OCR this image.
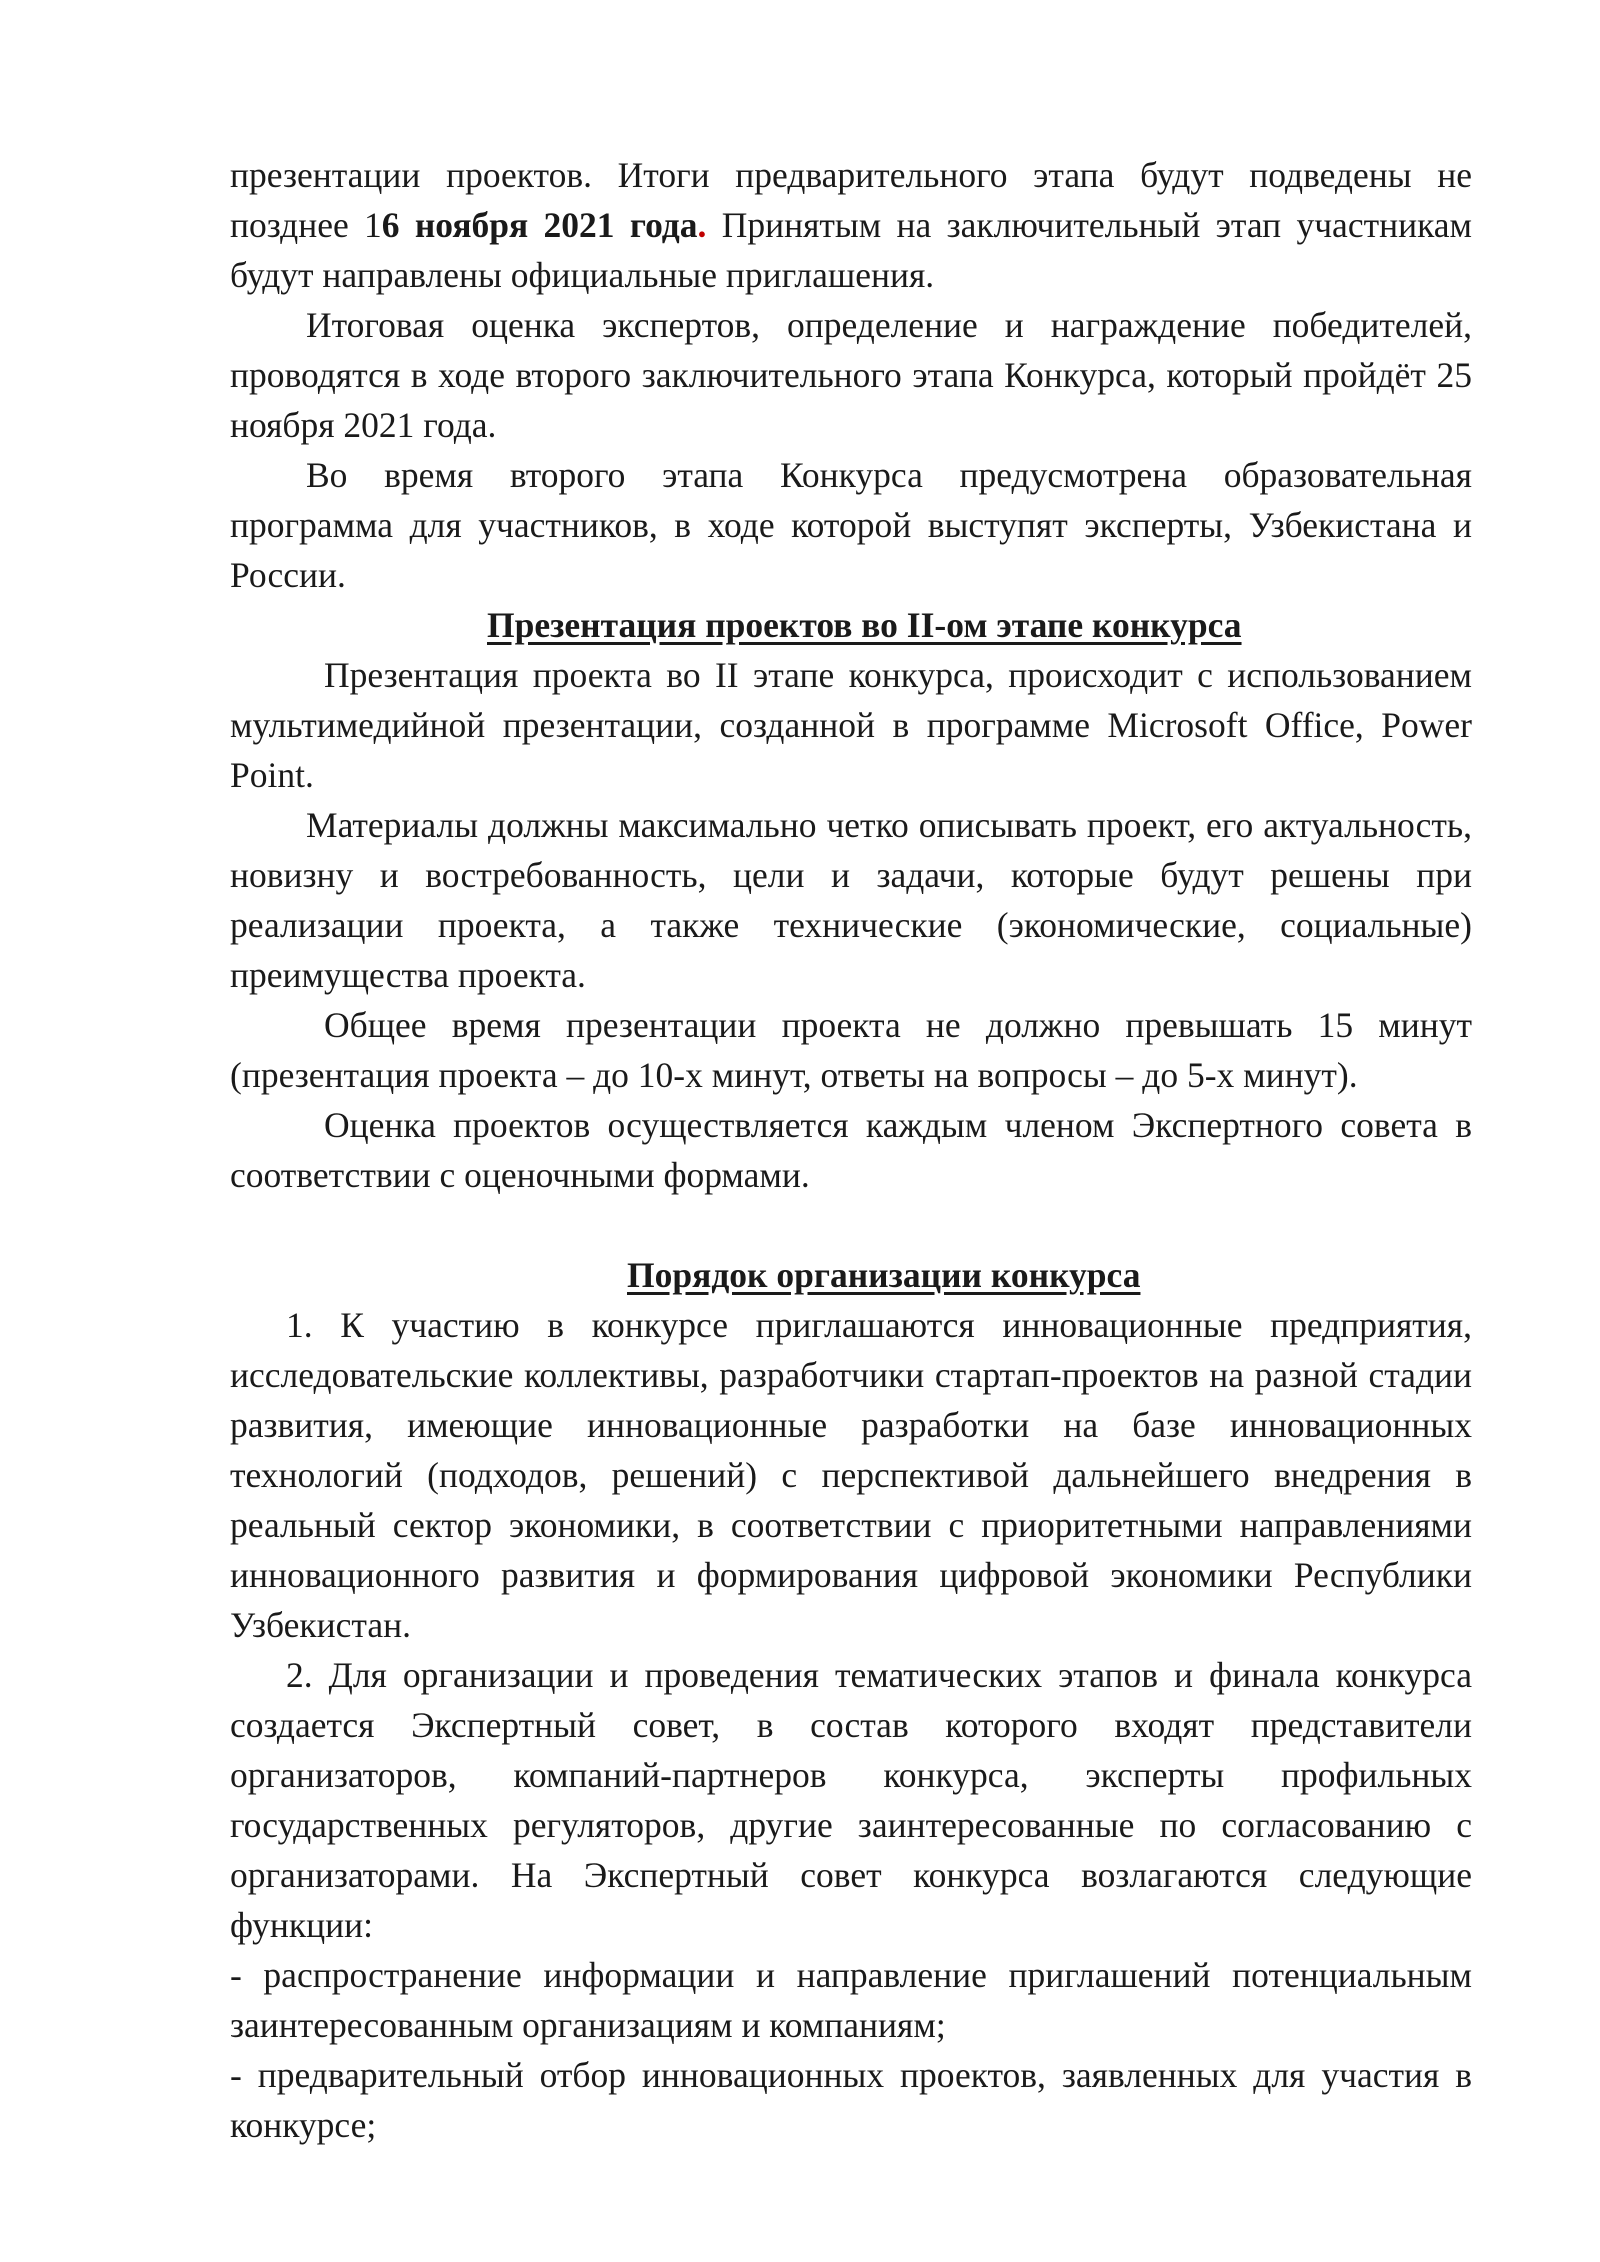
презентации проектов. Итоги предварительного этапа будут подведены не позднее 16 ноября 2021 года. Принятым на заключительный этап участникам будут направлены официальные приглашения.

Итоговая оценка экспертов, определение и награждение победителей, проводятся в ходе второго заключительного этапа Конкурса, который пройдёт 25 ноября 2021 года.

Во время второго этапа Конкурса предусмотрена образовательная программа для участников, в ходе которой выступят эксперты, Узбекистана и России.

Презентация проектов во II-ом этапе конкурса

Презентация проекта во II этапе конкурса, происходит с использованием мультимедийной презентации, созданной в программе Microsoft Office, Power Point.

Материалы должны максимально четко описывать проект, его актуальность, новизну и востребованность, цели и задачи, которые будут решены при реализации проекта, а также технические (экономические, социальные) преимущества проекта.

Общее время презентации проекта не должно превышать 15 минут (презентация проекта – до 10-х минут, ответы на вопросы – до 5-х минут).

Оценка проектов осуществляется каждым членом Экспертного совета в соответствии с оценочными формами.

Порядок организации конкурса

1. К участию в конкурсе приглашаются инновационные предприятия, исследовательские коллективы, разработчики стартап-проектов на разной стадии развития, имеющие инновационные разработки на базе инновационных технологий (подходов, решений) с перспективой дальнейшего внедрения в реальный сектор экономики, в соответствии с приоритетными направлениями инновационного развития и формирования цифровой экономики Республики Узбекистан.

2. Для организации и проведения тематических этапов и финала конкурса создается Экспертный совет, в состав которого входят представители организаторов, компаний-партнеров конкурса, эксперты профильных государственных регуляторов, другие заинтересованные по согласованию с организаторами. На Экспертный совет конкурса возлагаются следующие функции:

- распространение информации и направление приглашений потенциальным заинтересованным организациям и компаниям;

- предварительный отбор инновационных проектов, заявленных для участия в конкурсе;
